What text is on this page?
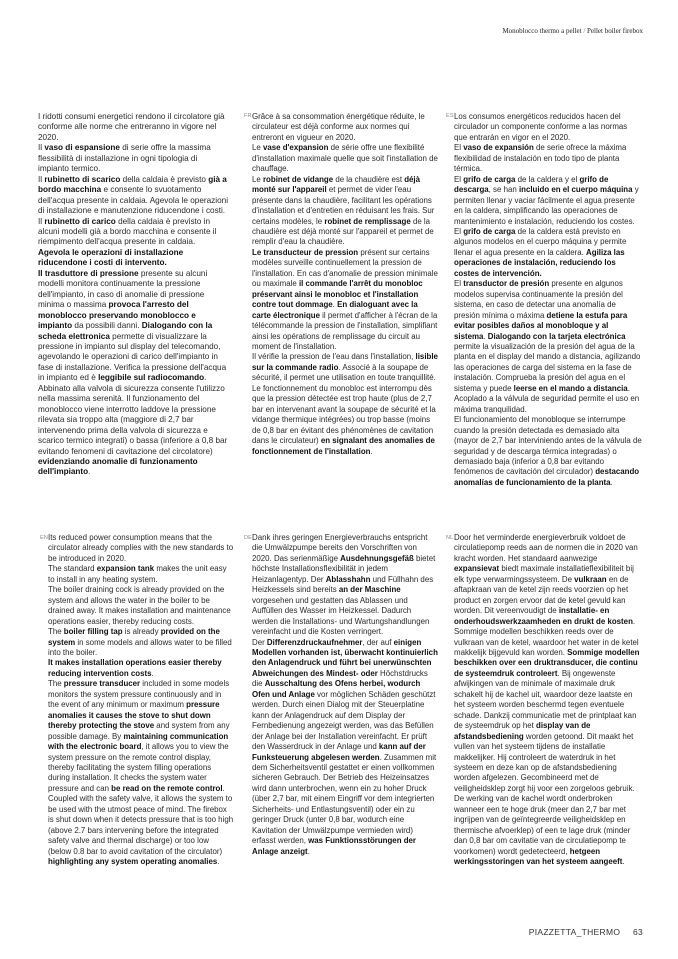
Monoblocco thermo a pellet / Pellet boiler firebox
I ridotti consumi energetici rendono il circolatore già conforme alle norme che entreranno in vigore nel 2020.
Il vaso di espansione di serie offre la massima flessibilità di installazione in ogni tipologia di impianto termico.
Il rubinetto di scarico della caldaia è previsto già a bordo macchina e consente lo svuotamento dell'acqua presente in caldaia. Agevola le operazioni di installazione e manutenzione riducendone i costi.
Il rubinetto di carico della caldaia è previsto in alcuni modelli già a bordo macchina e consente il riempimento dell'acqua presente in caldaia. Agevola le operazioni di installazione riducendone i costi di intervento.
Il trasduttore di pressione presente su alcuni modelli monitora continuamente la pressione dell'impianto, in caso di anomalie di pressione minima o massima provoca l'arresto del monoblocco preservando monoblocco e impianto da possibili danni. Dialogando con la scheda elettronica permette di visualizzare la pressione in impianto sul display del telecomando, agevolando le operazioni di carico dell'impianto in fase di installazione. Verifica la pressione dell'acqua in impianto ed è leggibile sul radiocomando. Abbinato alla valvola di sicurezza consente l'utilizzo nella massima serenità. Il funzionamento del monoblocco viene interrotto laddove la pressione rilevata sia troppo alta (maggiore di 2,7 bar intervenendo prima della valvola di sicurezza e scarico termico integrati) o bassa (inferiore a 0,8 bar evitando fenomeni di cavitazione del circolatore) evidenziando anomalie di funzionamento dell'impianto.
FR Grâce à sa consommation énergétique réduite, le circulateur est déjà conforme aux normes qui entreront en vigueur en 2020.
Le vase d'expansion de série offre une flexibilité d'installation maximale quelle que soit l'installation de chauffage.
Le robinet de vidange de la chaudière est déjà monté sur l'appareil et permet de vider l'eau présente dans la chaudière, facilitant les opérations d'installation et d'entretien en réduisant les frais. Sur certains modèles, le robinet de remplissage de la chaudière est déjà monté sur l'appareil et permet de remplir d'eau la chaudière.
Le transducteur de pression présent sur certains modèles surveille continuellement la pression de l'installation. En cas d'anomalie de pression minimale ou maximale il commande l'arrêt du monobloc préservant ainsi le monobloc et l'installation contre tout dommage. En dialoguant avec la carte électronique il permet d'afficher à l'écran de la télécommande la pression de l'installation, simplifiant ainsi les opérations de remplissage du circuit au moment de l'installation.
Il vérifie la pression de l'eau dans l'installation, lisible sur la commande radio. Associé à la soupape de sécurité, il permet une utilisation en toute tranquillité. Le fonctionnement du monobloc est interrompu dès que la pression détectée est trop haute (plus de 2,7 bar en intervenant avant la soupape de sécurité et la vidange thermique intégrées) ou trop basse (moins de 0,8 bar en évitant des phénomènes de cavitation dans le circulateur) en signalant des anomalies de fonctionnement de l'installation.
ES Los consumos energéticos reducidos hacen del circulador un componente conforme a las normas que entrarán en vigor en el 2020.
El vaso de expansión de serie ofrece la máxima flexibilidad de instalación en todo tipo de planta térmica.
El grifo de carga de la caldera y el grifo de descarga, se han incluido en el cuerpo máquina y permiten llenar y vaciar fácilmente el agua presente en la caldera, simplificando las operaciones de mantenimiento e instalación, reduciendo los costes.
El grifo de carga de la caldera está previsto en algunos modelos en el cuerpo máquina y permite llenar el agua presente en la caldera. Agiliza las operaciones de instalación, reduciendo los costes de intervención.
El transductor de presión presente en algunos modelos supervisa continuamente la presión del sistema, en caso de detectar una anomalía de presión mínima o máxima detiene la estufa para evitar posibles daños al monobloque y al sistema. Dialogando con la tarjeta electrónica permite la visualización de la presión del agua de la planta en el display del mando a distancia, agilizando las operaciones de carga del sistema en la fase de instalación. Comprueba la presión del agua en el sistema y puede leerse en el mando a distancia. Acoplado a la válvula de seguridad permite el uso en máxima tranquilidad.
El funcionamiento del monobloque se interrumpe cuando la presión detectada es demasiado alta (mayor de 2,7 bar interviniendo antes de la válvula de seguridad y de descarga térmica integradas) o demasiado baja (inferior a 0,8 bar evitando fenómenos de cavitación del circulador) destacando anomalías de funcionamiento de la planta.
EN Its reduced power consumption means that the circulator already complies with the new standards to be introduced in 2020.
The standard expansion tank makes the unit easy to install in any heating system.
The boiler draining cock is already provided on the system and allows the water in the boiler to be drained away. It makes installation and maintenance operations easier, thereby reducing costs.
The boiler filling tap is already provided on the system in some models and allows water to be filled into the boiler.
It makes installation operations easier thereby reducing intervention costs.
The pressure transducer included in some models monitors the system pressure continuously and in the event of any minimum or maximum pressure anomalies it causes the stove to shut down thereby protecting the stove and system from any possible damage. By maintaining communication with the electronic board, it allows you to view the system pressure on the remote control display, thereby facilitating the system filling operations during installation. It checks the system water pressure and can be read on the remote control. Coupled with the safety valve, it allows the system to be used with the utmost peace of mind. The firebox is shut down when it detects pressure that is too high (above 2.7 bars intervening before the integrated safety valve and thermal discharge) or too low (below 0.8 bar to avoid cavitation of the circulator) highlighting any system operating anomalies.
DE Dank ihres geringen Energieverbrauchs entspricht die Umwälzpumpe bereits den Vorschriften von 2020. Das serienmäßige Ausdehnungsgefäß bietet höchste Installationsflexibilität in jedem Heizanlagentyp. Der Ablasshahn und Füllhahn des Heizkessels sind bereits an der Maschine vorgesehen und gestatten das Ablassen und Auffüllen des Wasser im Heizkessel. Dadurch werden die Installations- und Wartungshandlungen vereinfacht und die Kosten verringert.
Der Differenzdruckaufnehmer, der auf einigen Modellen vorhanden ist, überwacht kontinuierlich den Anlagendruck und führt bei unerwünschten Abweichungen des Mindest- oder Höchstdrucks die Ausschaltung des Ofens herbei, wodurch Ofen und Anlage vor möglichen Schäden geschützt werden. Durch einen Dialog mit der Steuerplatine kann der Anlagendruck auf dem Display der Fernbedienung angezeigt werden, was das Befüllen der Anlage bei der Installation vereinfacht. Er prüft den Wasserdruck in der Anlage und kann auf der Funksteuerung abgelesen werden. Zusammen mit dem Sicherheitsventil gestattet er einen vollkommen sicheren Gebrauch. Der Betrieb des Heizeinsatzes wird dann unterbrochen, wenn ein zu hoher Druck (über 2,7 bar, mit einem Eingriff vor dem integrierten Sicherheits- und Entlastungsventil) oder ein zu geringer Druck (unter 0,8 bar, wodurch eine Kavitation der Umwälzpumpe vermieden wird) erfasst werden, was Funktionsstörungen der Anlage anzeigt.
NL Door het verminderde energieverbruik voldoet de circulatiepomp reeds aan de normen die in 2020 van kracht worden. Het standaard aanwezige expansievat biedt maximale installatieflexibiliteit bij elk type verwarmingssysteem. De vulkraan en de aftapkraan van de ketel zijn reeds voorzien op het product en zorgen ervoor dat de ketel gevuld kan worden. Dit vereenvoudigt de installatie- en onderhoudswerkzaamheden en drukt de kosten. Sommige modellen beschikken reeds over de vulkraan van de ketel, waardoor het water in de ketel makkelijk bijgevuld kan worden. Sommige modellen beschikken over een druktransducer, die continu de systeemdruk controleert. Bij ongewenste afwijkingen van de minimale of maximale druk schakelt hij de kachel uit, waardoor deze laatste en het systeem worden beschermd tegen eventuele schade. Dankzij communicatie met de printplaat kan de systeemdruk op het display van de afstandsbediening worden getoond. Dit maakt het vullen van het systeem tijdens de installatie makkelijker. Hij controleert de waterdruk in het systeem en deze kan op de afstandsbediening worden afgelezen. Gecombineerd met de veiligheidsklep zorgt hij voor een zorgeloos gebruik. De werking van de kachel wordt onderbroken wanneer een te hoge druk (meer dan 2,7 bar met ingrijpen van de geïntegreerde veiligheidsklep en thermische afvoerklep) of een te lage druk (minder dan 0,8 bar om cavitatie van de circulatiepomp te voorkomen) wordt gedetecteerd, hetgeen werkingsstoringen van het systeem aangeeft.
PIAZZETTA_THERMO 63
